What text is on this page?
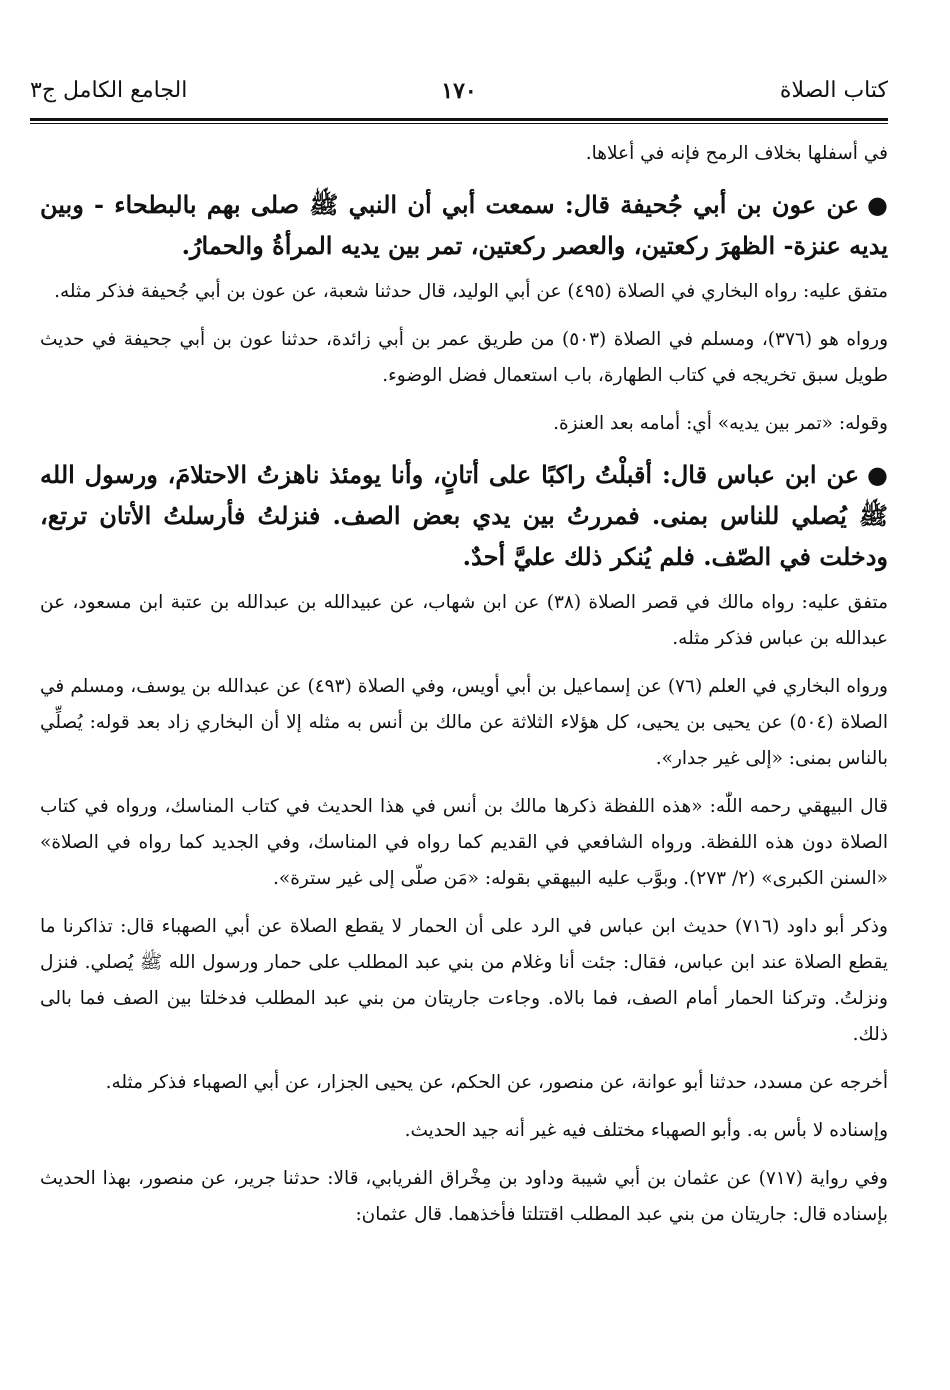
كتاب الصلاة
١٧٠
الجامع الكامل ج٣

في أسفلها بخلاف الرمح فإنه في أعلاها.

●عن عون بن أبي جُحيفة قال: سمعت أبي أن النبي ﷺ صلى بهم بالبطحاء - وبين يديه عنزة- الظهرَ ركعتين، والعصر ركعتين، تمر بين يديه المرأةُ والحمارُ.

متفق عليه: رواه البخاري في الصلاة (٤٩٥) عن أبي الوليد، قال حدثنا شعبة، عن عون بن أبي جُحيفة فذكر مثله.

ورواه هو (٣٧٦)، ومسلم في الصلاة (٥٠٣) من طريق عمر بن أبي زائدة، حدثنا عون بن أبي جحيفة في حديث طويل سبق تخريجه في كتاب الطهارة، باب استعمال فضل الوضوء.

وقوله: «تمر بين يديه» أي: أمامه بعد العنزة.

●عن ابن عباس قال: أقبلْتُ راكبًا على أتانٍ، وأنا يومئذ ناهزتُ الاحتلامَ، ورسول الله ﷺ يُصلي للناس بمنى. فمررتُ بين يدي بعض الصف. فنزلتُ فأرسلتُ الأتان ترتع، ودخلت في الصّف. فلم يُنكر ذلك عليَّ أحدٌ.

متفق عليه: رواه مالك في قصر الصلاة (٣٨) عن ابن شهاب، عن عبيدالله بن عبدالله بن عتبة ابن مسعود، عن عبدالله بن عباس فذكر مثله.

ورواه البخاري في العلم (٧٦) عن إسماعيل بن أبي أويس، وفي الصلاة (٤٩٣) عن عبدالله بن يوسف، ومسلم في الصلاة (٥٠٤) عن يحيى بن يحيى، كل هؤلاء الثلاثة عن مالك بن أنس به مثله إلا أن البخاري زاد بعد قوله: يُصلِّي بالناس بمنى: «إلى غير جدار».

قال البيهقي رحمه اللّٰه: «هذه اللفظة ذكرها مالك بن أنس في هذا الحديث في كتاب المناسك، ورواه في كتاب الصلاة دون هذه اللفظة. ورواه الشافعي في القديم كما رواه في المناسك، وفي الجديد كما رواه في الصلاة» «السنن الكبرى» (٢/ ٢٧٣). وبوَّب عليه البيهقي بقوله: «مَن صلّى إلى غير سترة».

وذكر أبو داود (٧١٦) حديث ابن عباس في الرد على أن الحمار لا يقطع الصلاة عن أبي الصهباء قال: تذاكرنا ما يقطع الصلاة عند ابن عباس، فقال: جئت أنا وغلام من بني عبد المطلب على حمار ورسول الله ﷺ يُصلي. فنزل ونزلتُ. وتركنا الحمار أمام الصف، فما بالاه. وجاءت جاريتان من بني عبد المطلب فدخلتا بين الصف فما بالى ذلك.

أخرجه عن مسدد، حدثنا أبو عوانة، عن منصور، عن الحكم، عن يحيى الجزار، عن أبي الصهباء فذكر مثله.

وإسناده لا بأس به. وأبو الصهباء مختلف فيه غير أنه جيد الحديث.

وفي رواية (٧١٧) عن عثمان بن أبي شيبة وداود بن مِخْراق الفريابي، قالا: حدثنا جرير، عن منصور، بهذا الحديث بإسناده قال: جاريتان من بني عبد المطلب اقتتلتا فأخذهما. قال عثمان:
